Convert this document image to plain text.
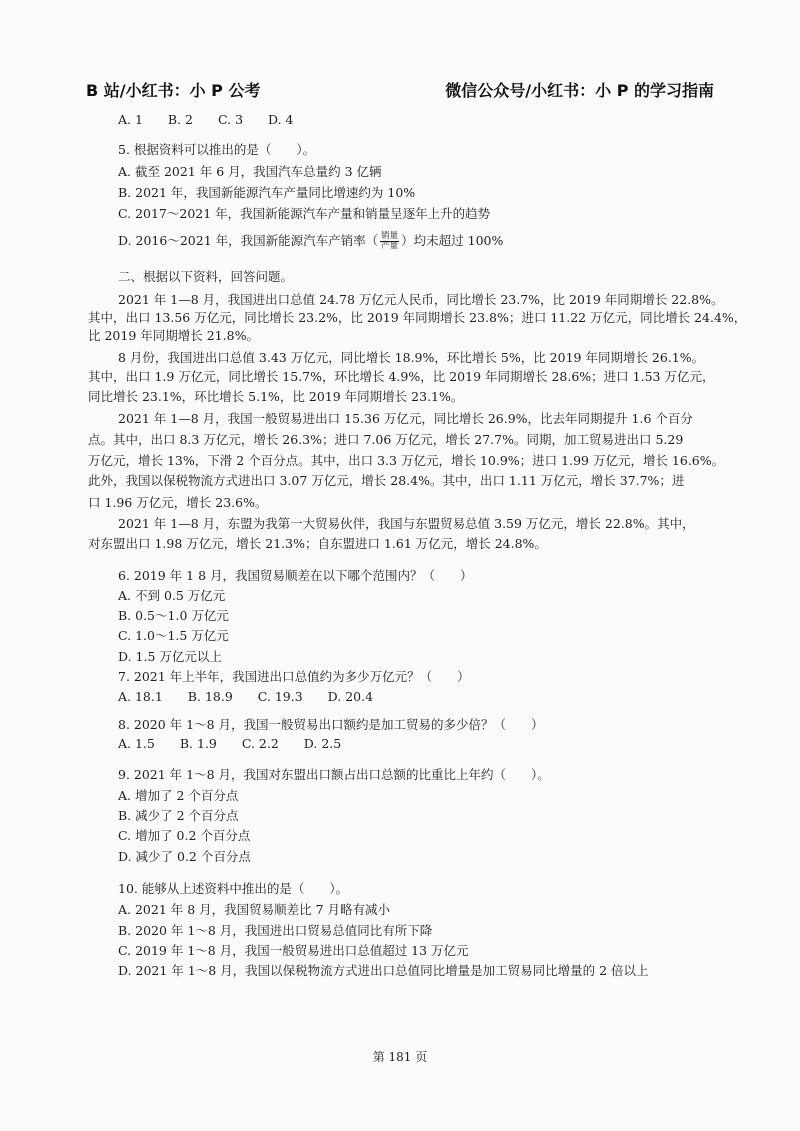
B 站/小红书：小 P 公考	微信公众号/小红书：小 P 的学习指南
A. 1　　B. 2　　C. 3　　D. 4
5. 根据资料可以推出的是（　　）。
A. 截至 2021 年 6 月，我国汽车总量约 3 亿辆
B. 2021 年，我国新能源汽车产量同比增速约为 10%
C. 2017～2021 年，我国新能源汽车产量和销量呈逐年上升的趋势
D. 2016～2021 年，我国新能源汽车产销率（ $\frac{\text{销量}}{\text{产量}}$ ）均未超过 100%
二、根据以下资料，回答问题。
2021 年 1—8 月，我国进出口总值 24.78 万亿元人民币，同比增长 23.7%，比 2019 年同期增长 22.8%。
其中，出口 13.56 万亿元，同比增长 23.2%，比 2019 年同期增长 23.8%；进口 11.22 万亿元，同比增长 24.4%，
比 2019 年同期增长 21.8%。
8 月份，我国进出口总值 3.43 万亿元，同比增长 18.9%，环比增长 5%，比 2019 年同期增长 26.1%。
其中，出口 1.9 万亿元，同比增长 15.7%，环比增长 4.9%，比 2019 年同期增长 28.6%；进口 1.53 万亿元，
同比增长 23.1%，环比增长 5.1%，比 2019 年同期增长 23.1%。
2021 年 1—8 月，我国一般贸易进出口 15.36 万亿元，同比增长 26.9%，比去年同期提升 1.6 个百分
点。其中，出口 8.3 万亿元，增长 26.3%；进口 7.06 万亿元，增长 27.7%。同期，加工贸易进出口 5.29
万亿元，增长 13%，下滑 2 个百分点。其中，出口 3.3 万亿元，增长 10.9%；进口 1.99 万亿元，增长 16.6%。
此外，我国以保税物流方式进出口 3.07 万亿元，增长 28.4%。其中，出口 1.11 万亿元，增长 37.7%；进
口 1.96 万亿元，增长 23.6%。
2021 年 1—8 月，东盟为我第一大贸易伙伴，我国与东盟贸易总值 3.59 万亿元，增长 22.8%。其中，
对东盟出口 1.98 万亿元，增长 21.3%；自东盟进口 1.61 万亿元，增长 24.8%。
6. 2019 年 1 8 月，我国贸易顺差在以下哪个范围内？（　　）
A. 不到 0.5 万亿元
B. 0.5～1.0 万亿元
C. 1.0～1.5 万亿元
D. 1.5 万亿元以上
7. 2021 年上半年，我国进出口总值约为多少万亿元？（　　）
A. 18.1　　B. 18.9　　C. 19.3　　D. 20.4
8. 2020 年 1～8 月，我国一般贸易出口额约是加工贸易的多少倍？（　　）
A. 1.5　　B. 1.9　　C. 2.2　　D. 2.5
9. 2021 年 1～8 月，我国对东盟出口额占出口总额的比重比上年约（　　）。
A. 增加了 2 个百分点
B. 减少了 2 个百分点
C. 增加了 0.2 个百分点
D. 减少了 0.2 个百分点
10. 能够从上述资料中推出的是（　　）。
A. 2021 年 8 月，我国贸易顺差比 7 月略有减小
B. 2020 年 1～8 月，我国进出口贸易总值同比有所下降
C. 2019 年 1～8 月，我国一般贸易进出口总值超过 13 万亿元
D. 2021 年 1～8 月，我国以保税物流方式进出口总值同比增量是加工贸易同比增量的 2 倍以上
第 181 页
